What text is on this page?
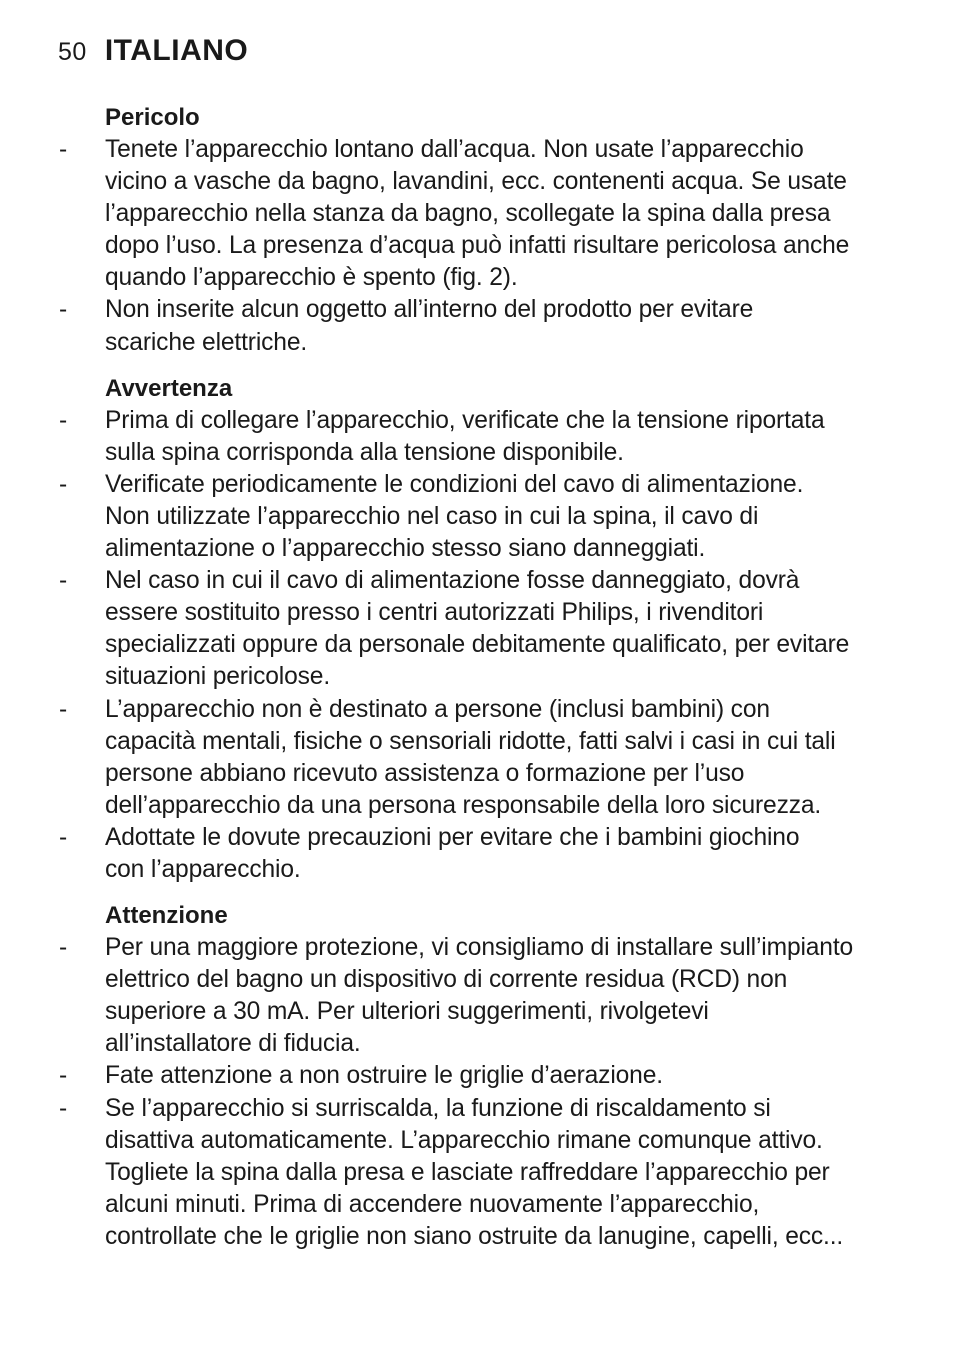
50 ITALIANO
Pericolo
- Tenete l’apparecchio lontano dall’acqua. Non usate l’apparecchio
vicino a vasche da bagno, lavandini, ecc. contenenti acqua. Se usate
l’apparecchio nella stanza da bagno, scollegate la spina dalla presa
dopo l’uso. La presenza d’acqua può infatti risultare pericolosa anche
quando l’apparecchio è spento (fig. 2).
- Non inserite alcun oggetto all’interno del prodotto per evitare
scariche elettriche.
Avvertenza
- Prima di collegare l’apparecchio, verificate che la tensione riportata
sulla spina corrisponda alla tensione disponibile.
- Verificate periodicamente le condizioni del cavo di alimentazione.
Non utilizzate l’apparecchio nel caso in cui la spina, il cavo di
alimentazione o l’apparecchio stesso siano danneggiati.
- Nel caso in cui il cavo di alimentazione fosse danneggiato, dovrà
essere sostituito presso i centri autorizzati Philips, i rivenditori
specializzati oppure da personale debitamente qualificato, per evitare
situazioni pericolose.
- L’apparecchio non è destinato a persone (inclusi bambini) con
capacità mentali, fisiche o sensoriali ridotte, fatti salvi i casi in cui tali
persone abbiano ricevuto assistenza o formazione per l’uso
dell’apparecchio da una persona responsabile della loro sicurezza.
- Adottate le dovute precauzioni per evitare che i bambini giochino
con l’apparecchio.
Attenzione
- Per una maggiore protezione, vi consigliamo di installare sull’impianto
elettrico del bagno un dispositivo di corrente residua (RCD) non
superiore a 30 mA. Per ulteriori suggerimenti, rivolgetevi
all’installatore di fiducia.
- Fate attenzione a non ostruire le griglie d’aerazione.
- Se l’apparecchio si surriscalda, la funzione di riscaldamento si
disattiva automaticamente. L’apparecchio rimane comunque attivo.
Togliete la spina dalla presa e lasciate raffreddare l’apparecchio per
alcuni minuti. Prima di accendere nuovamente l’apparecchio,
controllate che le griglie non siano ostruite da lanugine, capelli, ecc...
